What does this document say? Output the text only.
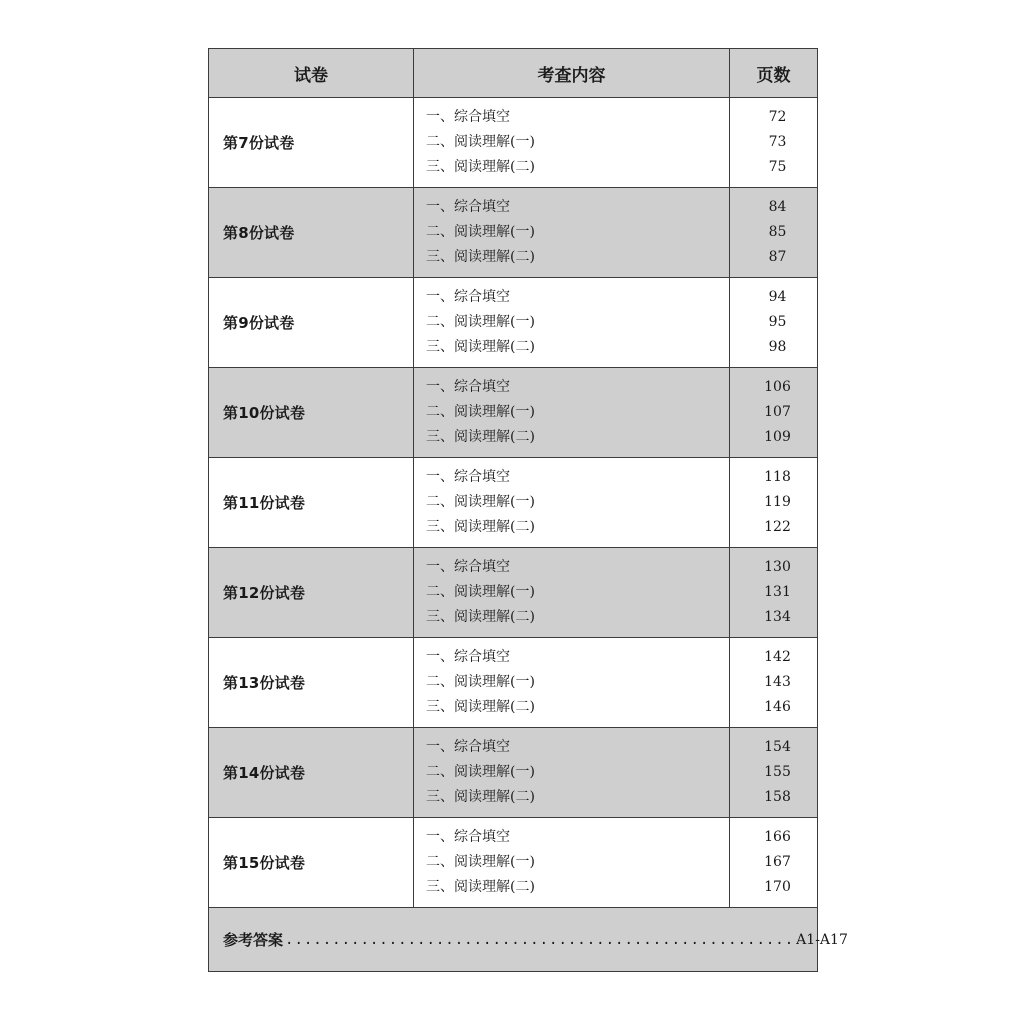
试卷	考查内容	页数
第7份试卷
一、综合填空
二、阅读理解(一)
三、阅读理解(二)
72
73
75
第8份试卷
一、综合填空
二、阅读理解(一)
三、阅读理解(二)
84
85
87
第9份试卷
一、综合填空
二、阅读理解(一)
三、阅读理解(二)
94
95
98
第10份试卷
一、综合填空
二、阅读理解(一)
三、阅读理解(二)
106
107
109
第11份试卷
一、综合填空
二、阅读理解(一)
三、阅读理解(二)
118
119
122
第12份试卷
一、综合填空
二、阅读理解(一)
三、阅读理解(二)
130
131
134
第13份试卷
一、综合填空
二、阅读理解(一)
三、阅读理解(二)
142
143
146
第14份试卷
一、综合填空
二、阅读理解(一)
三、阅读理解(二)
154
155
158
第15份试卷
一、综合填空
二、阅读理解(一)
三、阅读理解(二)
166
167
170
参考答案 ...................................................... A1-A17
